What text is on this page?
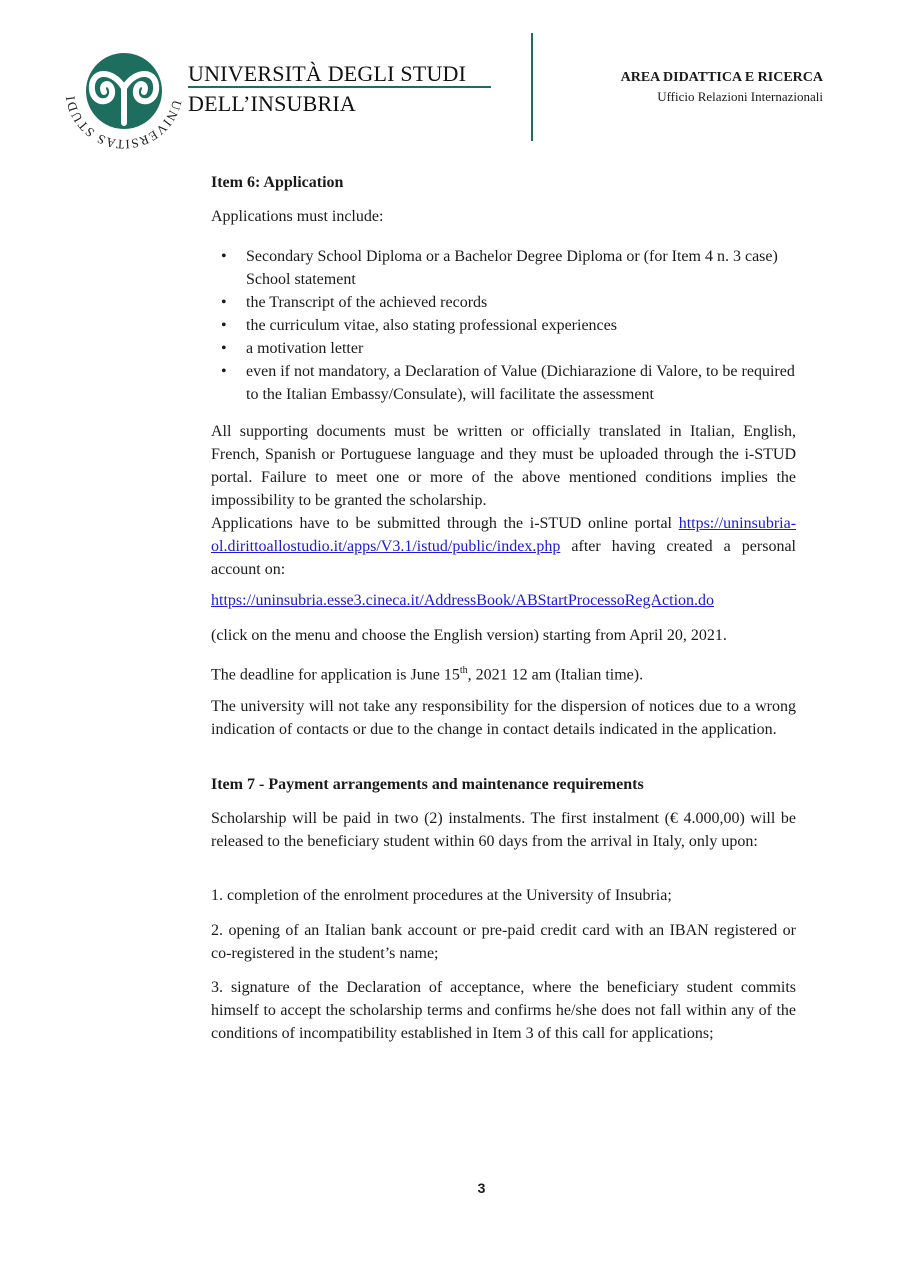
UNIVERSITAS STUDI
UNIVERSITÀ DEGLI STUDI
DELL’INSUBRIA
AREA DIDATTICA E RICERCA
Ufficio Relazioni Internazionali
Item 6: Application
Applications must include:
• Secondary School Diploma or a Bachelor Degree Diploma or (for Item 4 n. 3 case) School statement
• the Transcript of the achieved records
• the curriculum vitae, also stating professional experiences
• a motivation letter
• even if not mandatory, a Declaration of Value (Dichiarazione di Valore, to be required to the Italian Embassy/Consulate), will facilitate the assessment
All supporting documents must be written or officially translated in Italian, English, French, Spanish or Portuguese language and they must be uploaded through the i-STUD portal. Failure to meet one or more of the above mentioned conditions implies the impossibility to be granted the scholarship.
Applications have to be submitted through the i-STUD online portal https://uninsubria-ol.dirittoallostudio.it/apps/V3.1/istud/public/index.php after having created a personal account on:
https://uninsubria.esse3.cineca.it/AddressBook/ABStartProcessoRegAction.do
(click on the menu and choose the English version) starting from April 20, 2021.
The deadline for application is June 15th, 2021 12 am (Italian time).
The university will not take any responsibility for the dispersion of notices due to a wrong indication of contacts or due to the change in contact details indicated in the application.
Item 7 - Payment arrangements and maintenance requirements
Scholarship will be paid in two (2) instalments. The first instalment (€ 4.000,00) will be released to the beneficiary student within 60 days from the arrival in Italy, only upon:
1. completion of the enrolment procedures at the University of Insubria;
2. opening of an Italian bank account or pre-paid credit card with an IBAN registered or co-registered in the student’s name;
3. signature of the Declaration of acceptance, where the beneficiary student commits himself to accept the scholarship terms and confirms he/she does not fall within any of the conditions of incompatibility established in Item 3 of this call for applications;
3
